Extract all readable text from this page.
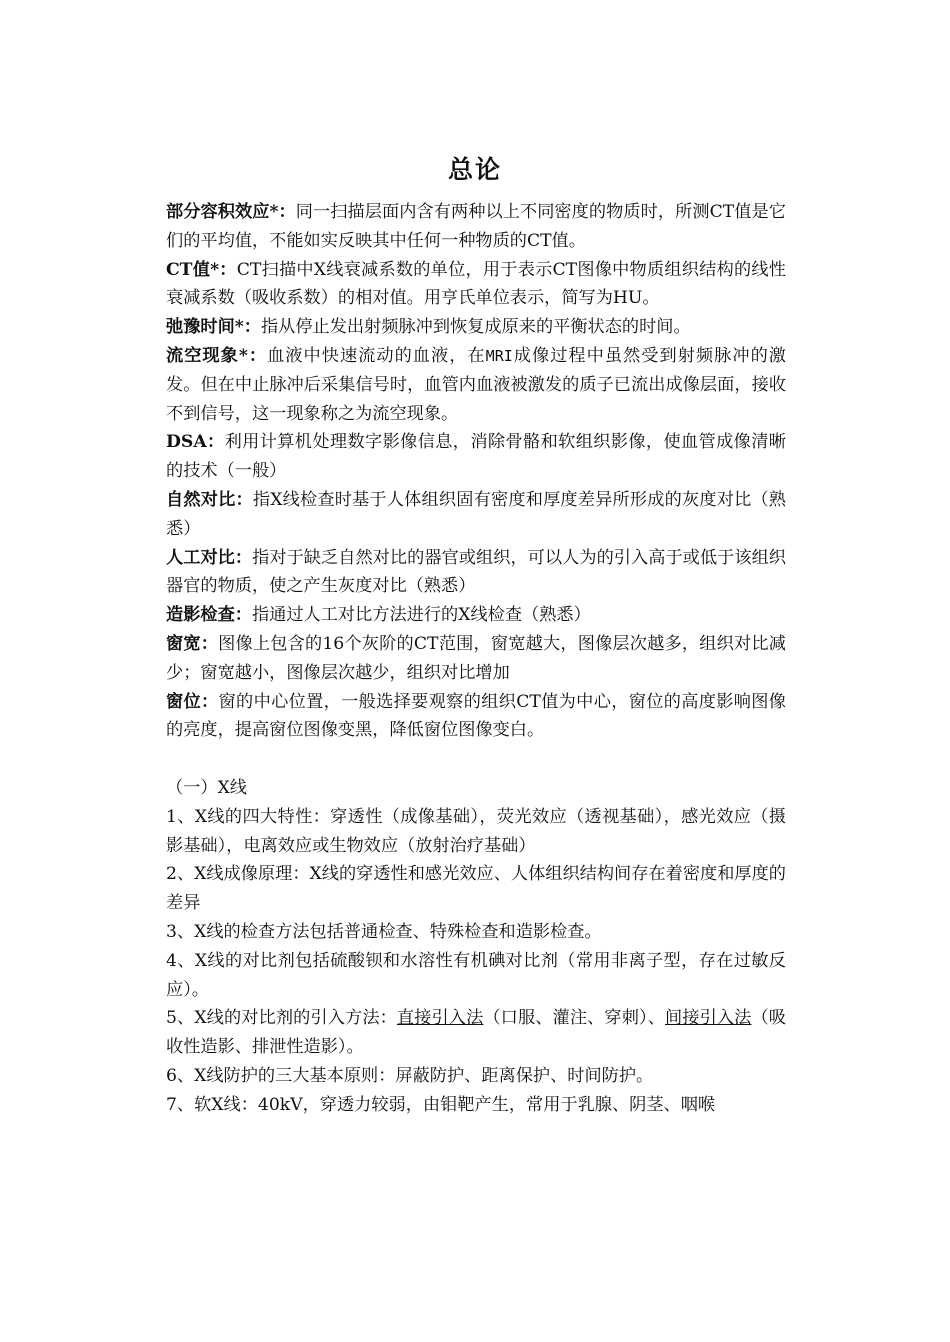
总论

部分容积效应*：同一扫描层面内含有两种以上不同密度的物质时，所测CT值是它们的平均值，不能如实反映其中任何一种物质的CT值。

CT值*：CT扫描中X线衰减系数的单位，用于表示CT图像中物质组织结构的线性衰减系数（吸收系数）的相对值。用亨氏单位表示，简写为HU。

弛豫时间*：指从停止发出射频脉冲到恢复成原来的平衡状态的时间。

流空现象*：血液中快速流动的血液，在MRI成像过程中虽然受到射频脉冲的激发。但在中止脉冲后采集信号时，血管内血液被激发的质子已流出成像层面，接收不到信号，这一现象称之为流空现象。

DSA：利用计算机处理数字影像信息，消除骨骼和软组织影像，使血管成像清晰的技术（一般）

自然对比：指X线检查时基于人体组织固有密度和厚度差异所形成的灰度对比（熟悉）

人工对比：指对于缺乏自然对比的器官或组织，可以人为的引入高于或低于该组织器官的物质，使之产生灰度对比（熟悉）

造影检查：指通过人工对比方法进行的X线检查（熟悉）

窗宽：图像上包含的16个灰阶的CT范围，窗宽越大，图像层次越多，组织对比减少；窗宽越小，图像层次越少，组织对比增加

窗位：窗的中心位置，一般选择要观察的组织CT值为中心，窗位的高度影响图像的亮度，提高窗位图像变黑，降低窗位图像变白。

（一）X线

1、X线的四大特性：穿透性（成像基础），荧光效应（透视基础），感光效应（摄影基础），电离效应或生物效应（放射治疗基础）

2、X线成像原理：X线的穿透性和感光效应、人体组织结构间存在着密度和厚度的差异

3、X线的检查方法包括普通检查、特殊检查和造影检查。

4、X线的对比剂包括硫酸钡和水溶性有机碘对比剂（常用非离子型，存在过敏反应）。

5、X线的对比剂的引入方法：直接引入法（口服、灌注、穿刺）、间接引入法（吸收性造影、排泄性造影）。

6、X线防护的三大基本原则：屏蔽防护、距离保护、时间防护。

7、软X线：40kV，穿透力较弱，由钼靶产生，常用于乳腺、阴茎、咽喉
